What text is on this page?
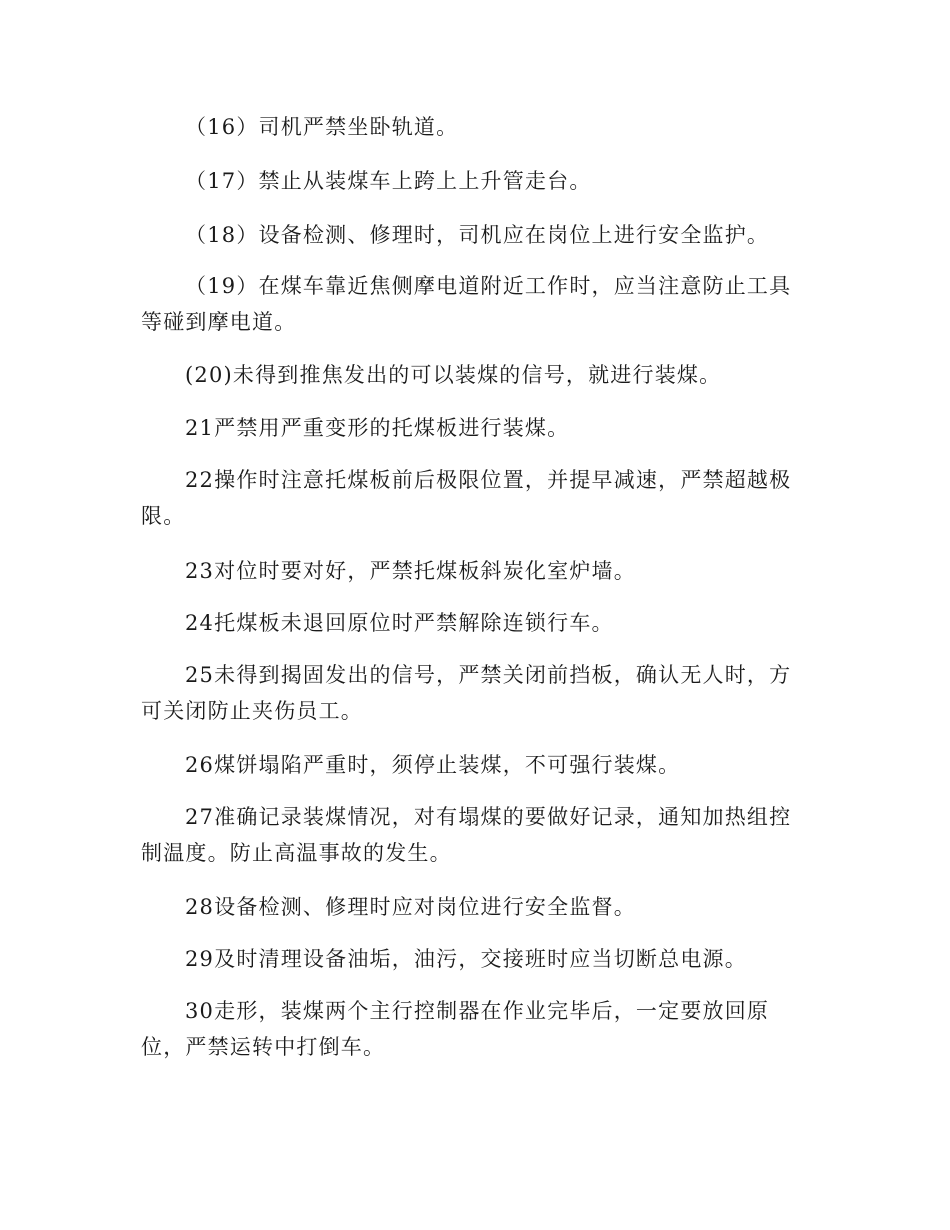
（16）司机严禁坐卧轨道。

（17）禁止从装煤车上跨上上升管走台。

（18）设备检测、修理时，司机应在岗位上进行安全监护。

（19）在煤车靠近焦侧摩电道附近工作时，应当注意防止工具等碰到摩电道。

(20)未得到推焦发出的可以装煤的信号，就进行装煤。

21严禁用严重变形的托煤板进行装煤。

22操作时注意托煤板前后极限位置，并提早减速，严禁超越极限。

23对位时要对好，严禁托煤板斜炭化室炉墙。

24托煤板未退回原位时严禁解除连锁行车。

25未得到揭固发出的信号，严禁关闭前挡板，确认无人时，方可关闭防止夹伤员工。

26煤饼塌陷严重时，须停止装煤，不可强行装煤。

27准确记录装煤情况，对有塌煤的要做好记录，通知加热组控制温度。防止高温事故的发生。

28设备检测、修理时应对岗位进行安全监督。

29及时清理设备油垢，油污，交接班时应当切断总电源。

30走形，装煤两个主行控制器在作业完毕后，一定要放回原位，严禁运转中打倒车。
